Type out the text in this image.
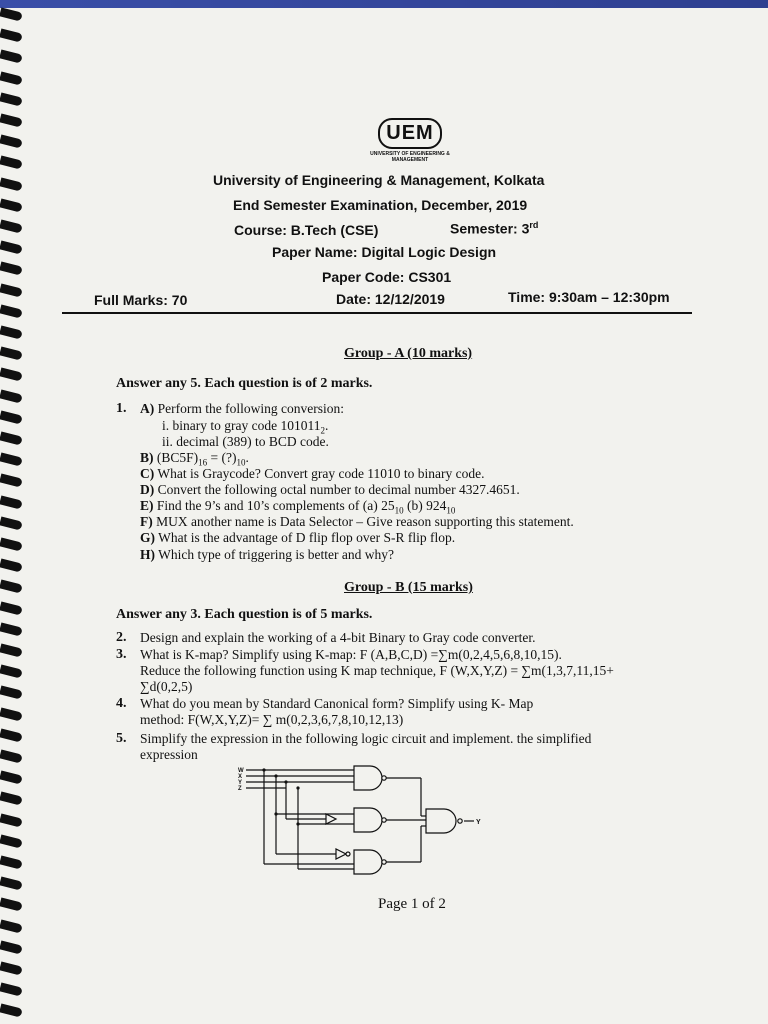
UEM
UNIVERSITY OF ENGINEERING & MANAGEMENT
University of Engineering & Management, Kolkata
End Semester Examination, December, 2019
Course: B.Tech (CSE)	Semester: 3rd
Paper Name: Digital Logic Design
Paper Code: CS301
Full Marks: 70	Date: 12/12/2019	Time: 9:30am – 12:30pm
Group - A (10 marks)
Answer any 5. Each question is of 2 marks.
1. A) Perform the following conversion:
i. binary to gray code $101011_2$.
ii. decimal (389) to BCD code.
B) $(BC5F)_{16}$ = $(?)_{10}$.
C) What is Graycode? Convert gray code 11010 to binary code.
D) Convert the following octal number to decimal number 4327.4651.
E) Find the 9’s and 10’s complements of (a) $25_{10}$ (b) $924_{10}$
F) MUX another name is Data Selector – Give reason supporting this statement.
G) What is the advantage of D flip flop over S-R flip flop.
H) Which type of triggering is better and why?
Group - B (15 marks)
Answer any 3. Each question is of 5 marks.
2. Design and explain the working of a 4-bit Binary to Gray code converter.
3. What is K-map? Simplify using K-map: F (A,B,C,D) =∑m(0,2,4,5,6,8,10,15).
Reduce the following function using K map technique, F (W,X,Y,Z) = ∑m(1,3,7,11,15+
∑d(0,2,5)
4. What do you mean by Standard Canonical form? Simplify using K- Map
method: F(W,X,Y,Z)= ∑ m(0,2,3,6,7,8,10,12,13)
5. Simplify the expression in the following logic circuit and implement. the simplified
expression
W
X
Y
Z
Y
Page 1 of 2
